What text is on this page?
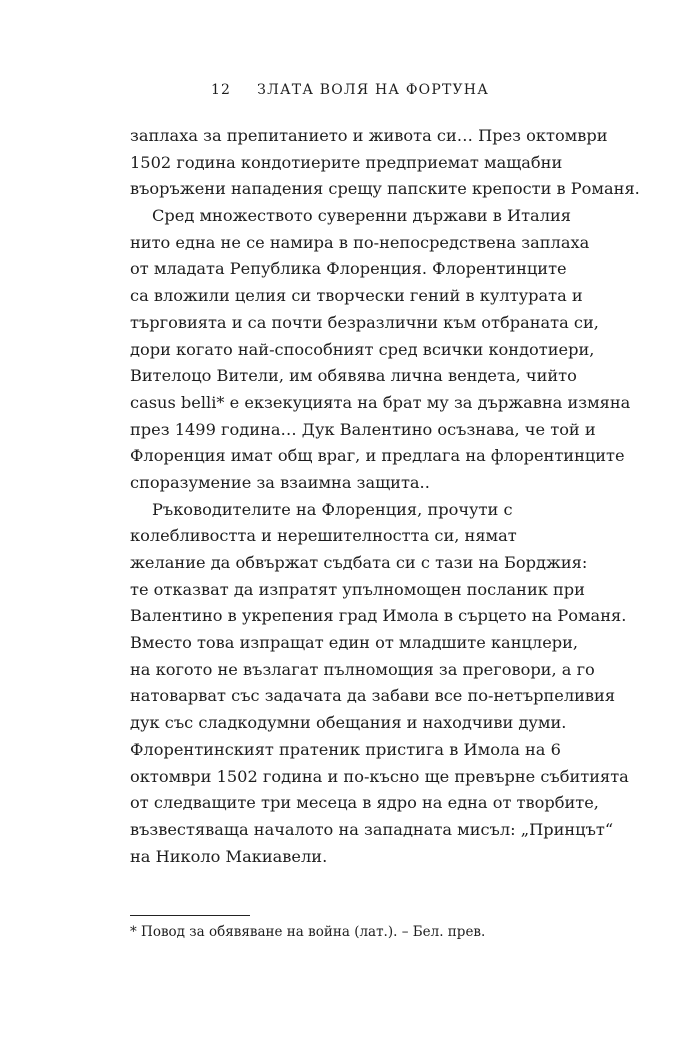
12 ЗЛАТА ВОЛЯ НА ФОРТУНА
заплаха за препитанието и живота си… През октомври
1502 година кондотиерите предприемат мащабни
въоръжени нападения срещу папските крепости в Романя.
Сред множеството суверенни държави в Италия
нито една не се намира в по-непосредствена заплаха
от младата Република Флоренция. Флорентинците
са вложили целия си творчески гений в културата и
търговията и са почти безразлични към отбраната си,
дори когато най-способният сред всички кондотиери,
Вителоцо Вители, им обявява лична вендета, чийто
casus belli* е екзекуцията на брат му за държавна измяна
през 1499 година… Дук Валентино осъзнава, че той и
Флоренция имат общ враг, и предлага на флорентинците
споразумение за взаимна защита..
Ръководителите на Флоренция, прочути с
колебливостта и нерешителността си, нямат
желание да обвържат съдбата си с тази на Борджия:
те отказват да изпратят упълномощен посланик при
Валентино в укрепения град Имола в сърцето на Романя.
Вместо това изпращат един от младшите канцлери,
на когото не възлагат пълномощия за преговори, а го
натоварват със задачата да забави все по-нетърпеливия
дук със сладкодумни обещания и находчиви думи.
Флорентинският пратеник пристига в Имола на 6
октомври 1502 година и по-късно ще превърне събитията
от следващите три месеца в ядро на една от творбите,
възвестяваща началото на западната мисъл: „Принцът“
на Николо Макиавели.
* Повод за обявяване на война (лат.). – Бел. прев.
